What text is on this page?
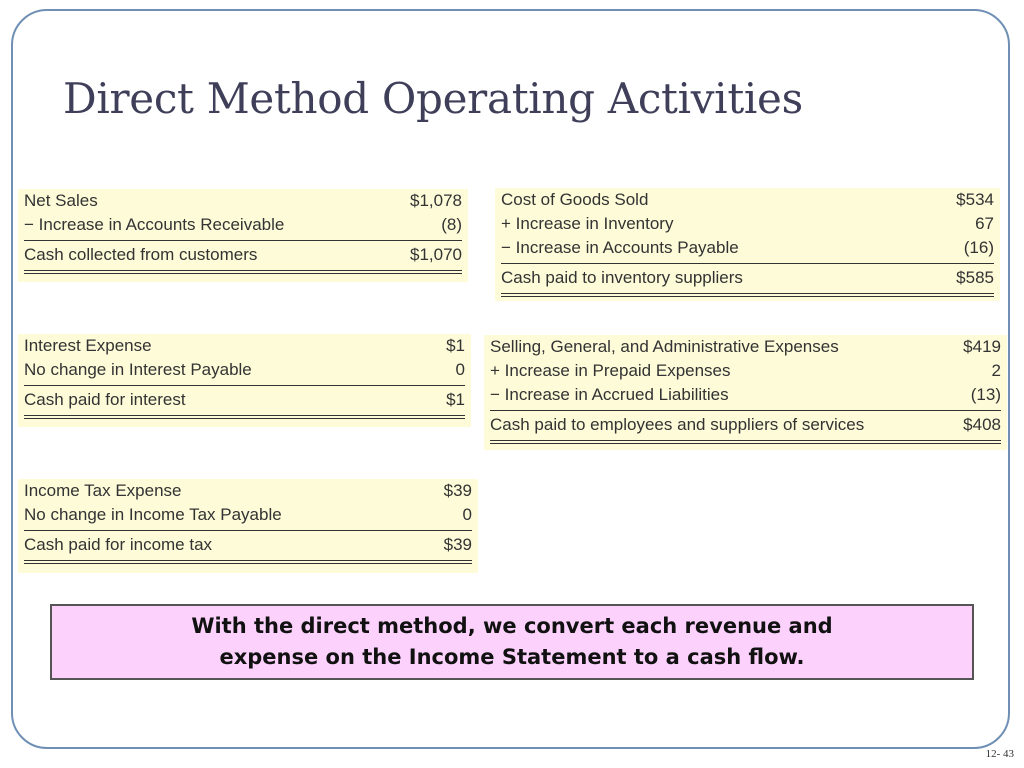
Direct Method Operating Activities
Net Sales	$1,078
− Increase in Accounts Receivable	(8)
Cash collected from customers	$1,070
Cost of Goods Sold	$534
+ Increase in Inventory	67
− Increase in Accounts Payable	(16)
Cash paid to inventory suppliers	$585
Interest Expense	$1
No change in Interest Payable	0
Cash paid for interest	$1
Selling, General, and Administrative Expenses	$419
+ Increase in Prepaid Expenses	2
− Increase in Accrued Liabilities	(13)
Cash paid to employees and suppliers of services	$408
Income Tax Expense	$39
No change in Income Tax Payable	0
Cash paid for income tax	$39
With the direct method, we convert each revenue and
expense on the Income Statement to a cash flow.
12- 43
